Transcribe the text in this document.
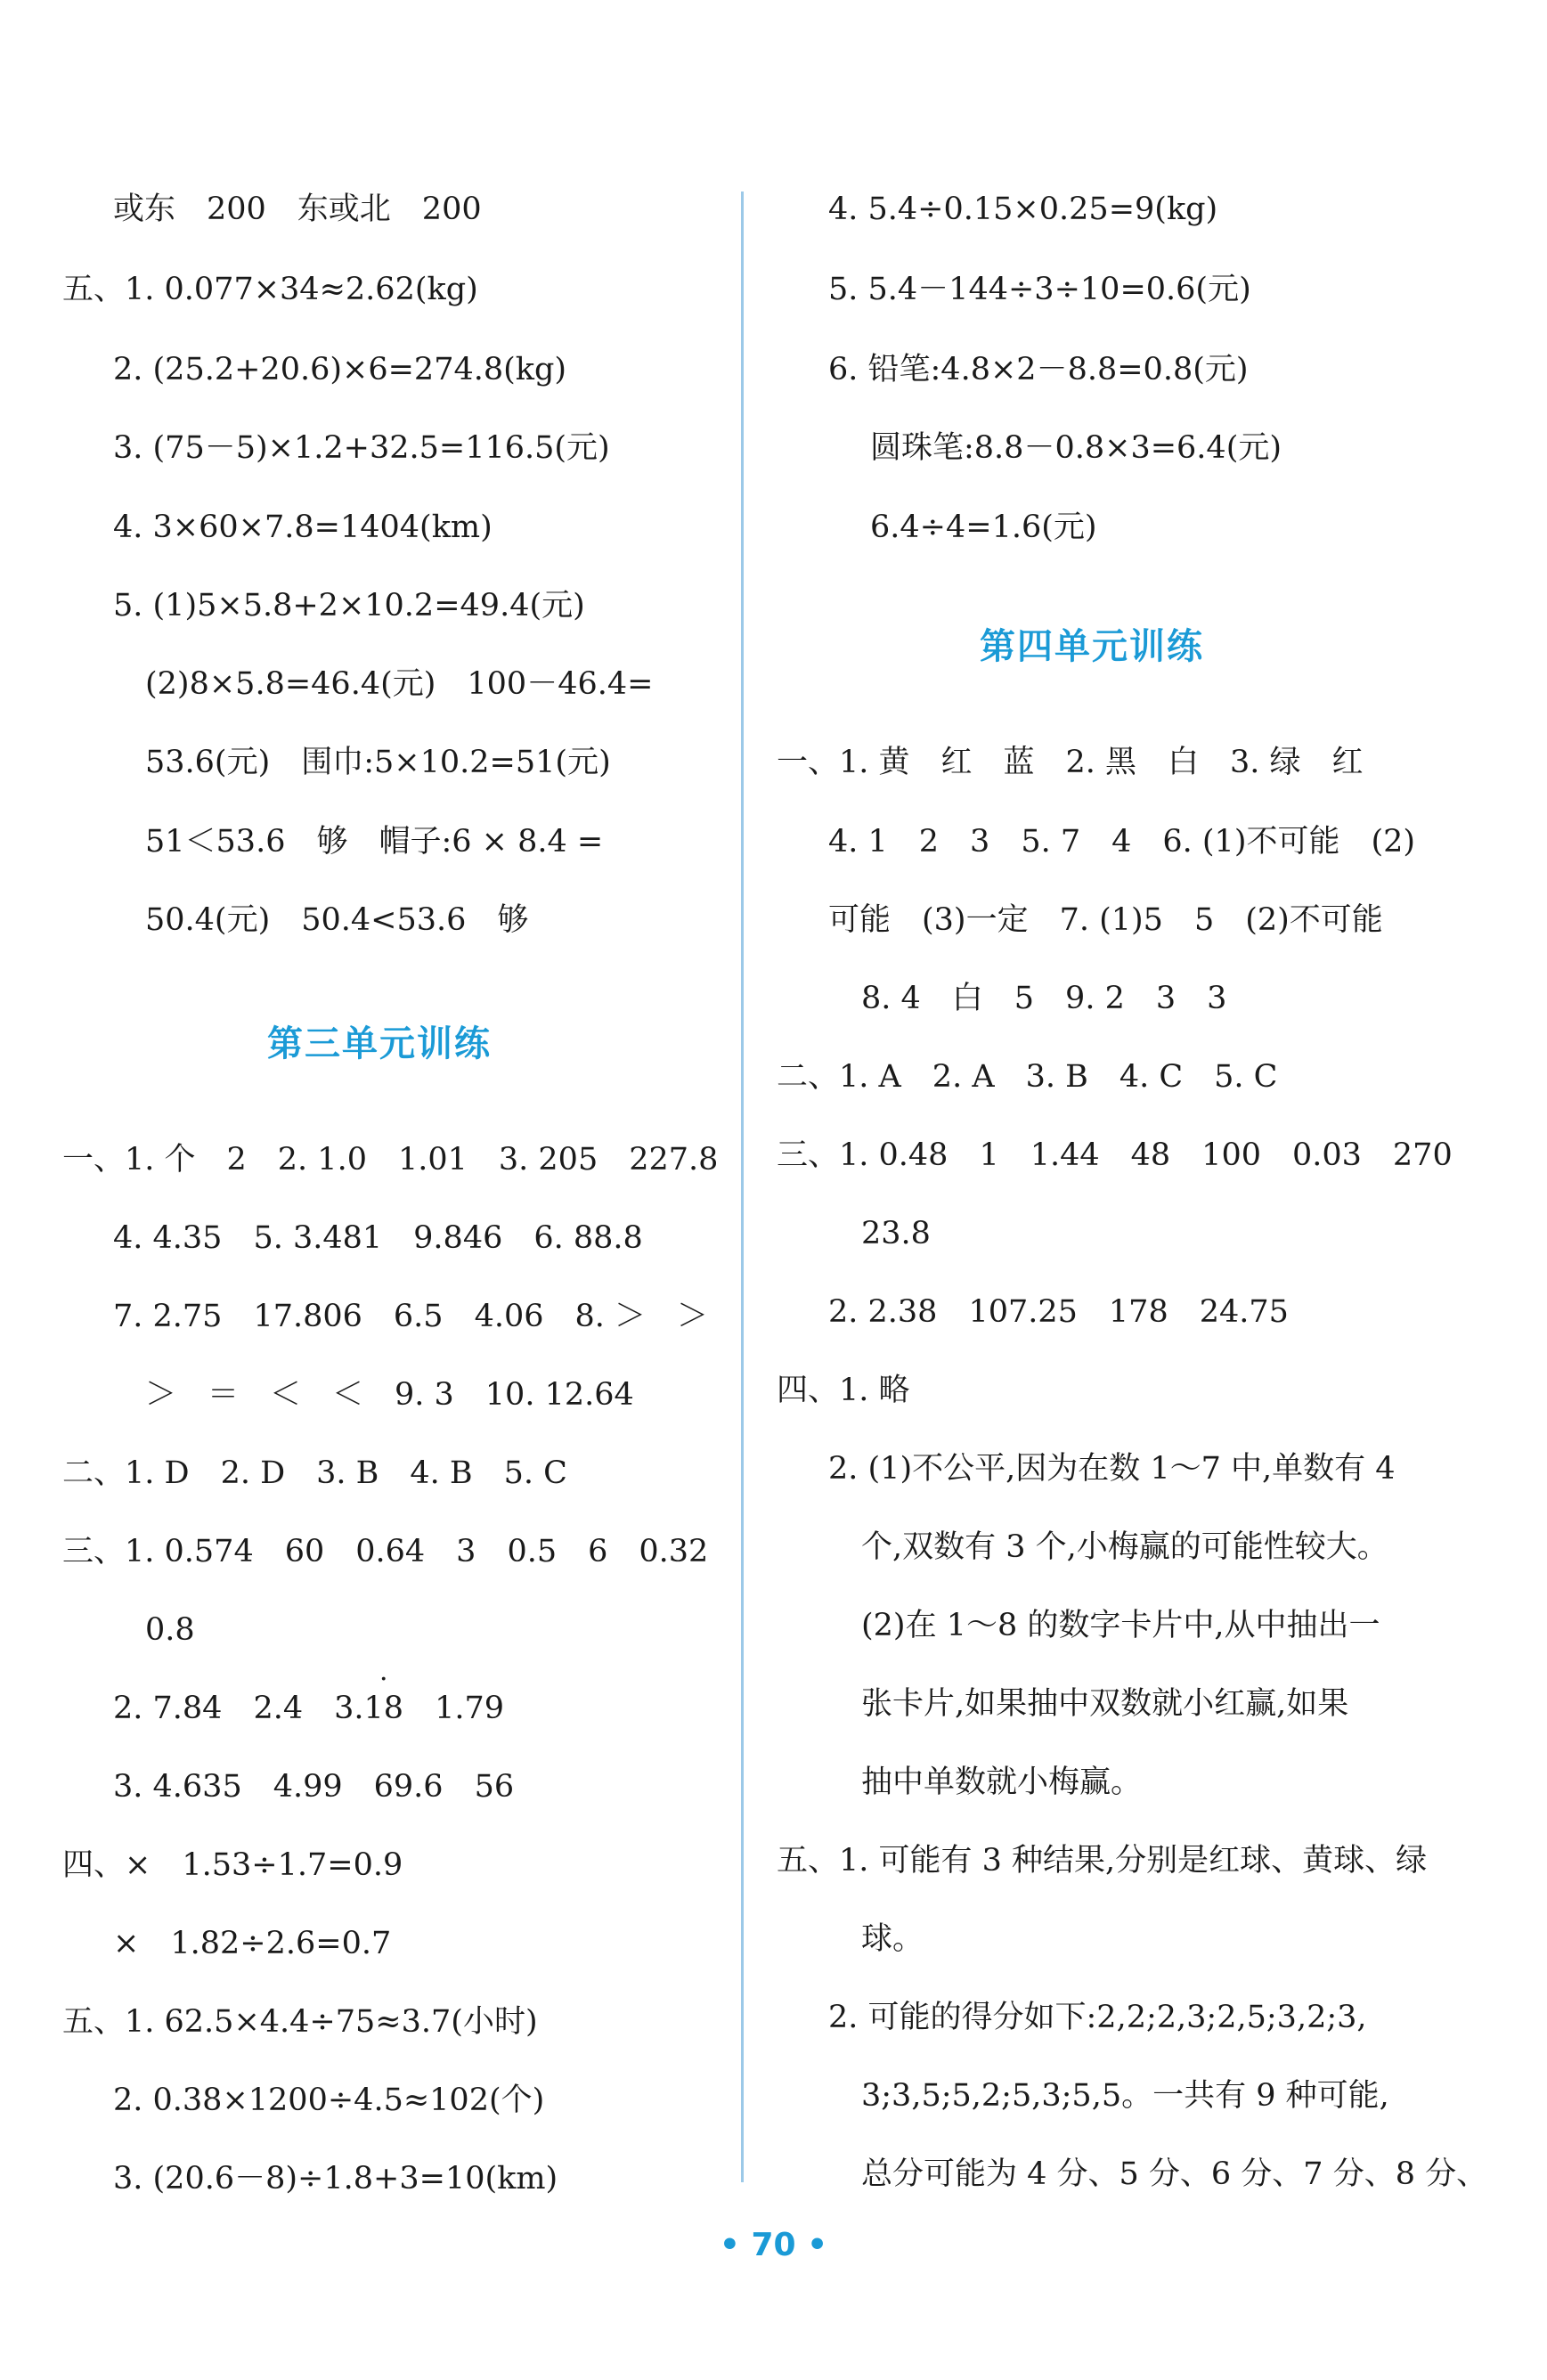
或东　200　东或北　200
五、1. 0.077×34≈2.62(kg)
2. (25.2+20.6)×6=274.8(kg)
3. (75－5)×1.2+32.5=116.5(元)
4. 3×60×7.8=1404(km)
5. (1)5×5.8+2×10.2=49.4(元)
(2)8×5.8=46.4(元)　100－46.4=
53.6(元)　围巾:5×10.2=51(元)
51＜53.6　够　帽子:6 × 8.4 =
50.4(元)　50.4<53.6　够
第三单元训练
一、1. 个　2　2. 1.0　1.01　3. 205　227.8
4. 4.35　5. 3.481　9.846　6. 88.8
7. 2.75　17.806　6.5　4.06　8. ＞　＞
＞　＝　＜　＜　9. 3　10. 12.64
二、1. D　2. D　3. B　4. B　5. C
三、1. 0.574　60　0.64　3　0.5　6　0.32
0.8
2. 7.84　2.4　3.· 18　 1.79
3. 4.635　4.99　69.6　56
四、×　1.53÷1.7=0.9
×　1.82÷2.6=0.7
五、1. 62.5×4.4÷75≈3.7(小时)
2. 0.38×1200÷4.5≈102(个)
3. (20.6－8)÷1.8+3=10(km)
4. 5.4÷0.15×0.25=9(kg)
5. 5.4－144÷3÷10=0.6(元)
6. 铅笔:4.8×2－8.8=0.8(元)
圆珠笔:8.8－0.8×3=6.4(元)
6.4÷4=1.6(元)
第四单元训练
一、1. 黄　红　蓝　2. 黑　白　3. 绿　红
4. 1　2　3　5. 7　4　6. (1)不可能　(2)
可能　(3)一定　7. (1)5　5　(2)不可能
8. 4　白　5　9. 2　3　3
二、1. A　2. A　3. B　4. C　5. C
三、1. 0.48　1　1.44　48　100　0.03　270
23.8
2. 2.38　107.25　178　24.75
四、1. 略
2. (1)不公平,因为在数 1～7 中,单数有 4
个,双数有 3 个,小梅赢的可能性较大。
(2)在 1～8 的数字卡片中,从中抽出一
张卡片,如果抽中双数就小红赢,如果
抽中单数就小梅赢。
五、1. 可能有 3 种结果,分别是红球、黄球、绿
球。
2. 可能的得分如下:2,2;2,3;2,5;3,2;3,
3;3,5;5,2;5,3;5,5。一共有 9 种可能,
总分可能为 4 分、5 分、6 分、7 分、8 分、
• 70 •
